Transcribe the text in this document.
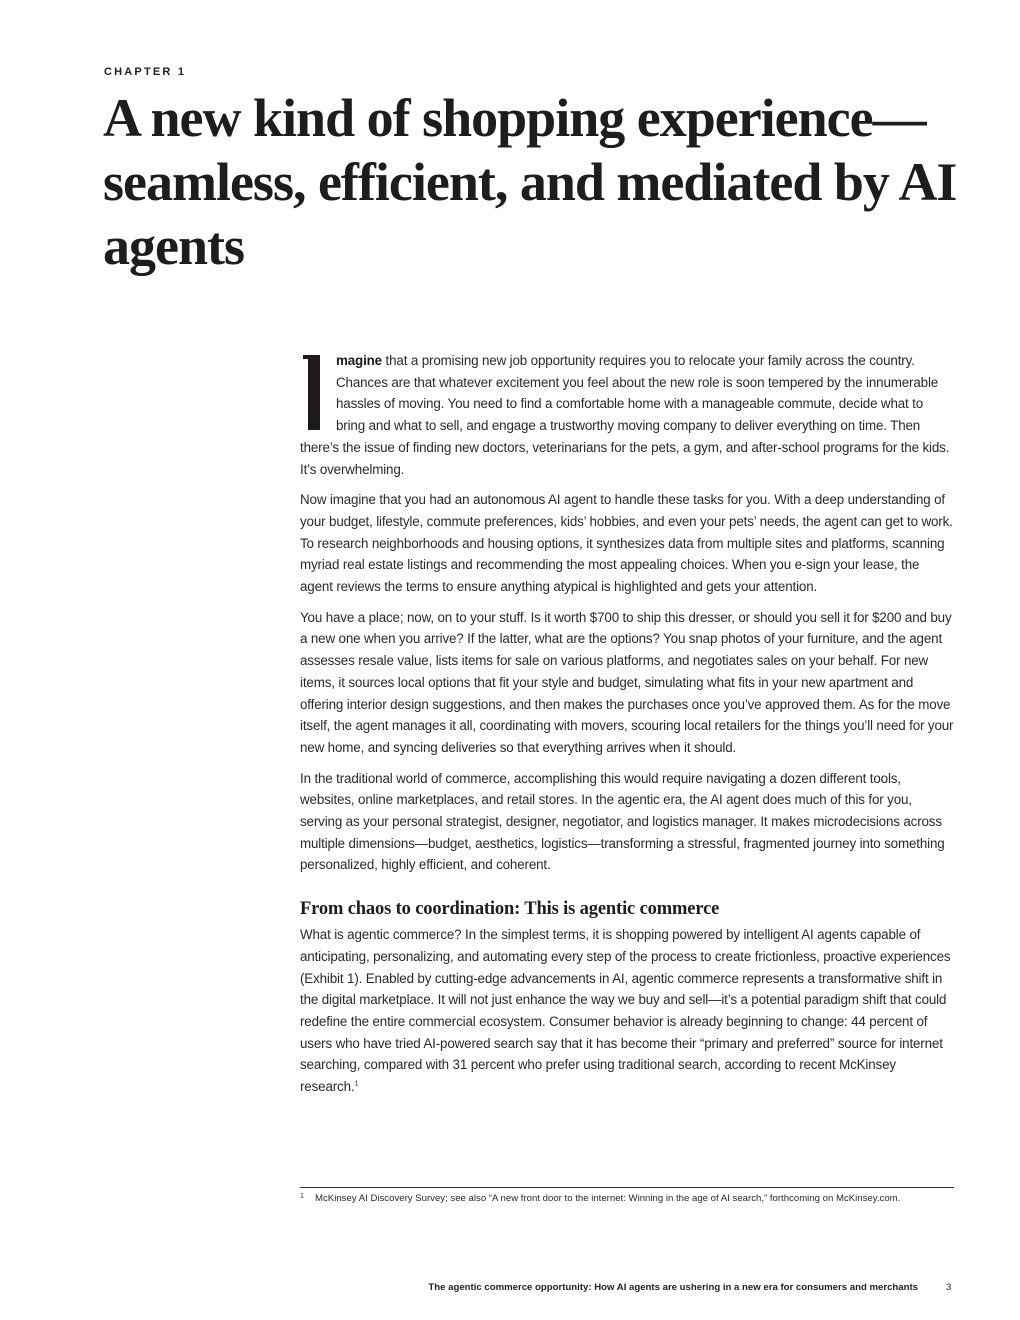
CHAPTER 1
A new kind of shopping experience—seamless, efficient, and mediated by AI agents

magine that a promising new job opportunity requires you to relocate your family across the country. Chances are that whatever excitement you feel about the new role is soon tempered by the innumerable hassles of moving. You need to find a comfortable home with a manageable commute, decide what to bring and what to sell, and engage a trustworthy moving company to deliver everything on time. Then there’s the issue of finding new doctors, veterinarians for the pets, a gym, and after-school programs for the kids. It’s overwhelming.

Now imagine that you had an autonomous AI agent to handle these tasks for you. With a deep understanding of your budget, lifestyle, commute preferences, kids’ hobbies, and even your pets’ needs, the agent can get to work. To research neighborhoods and housing options, it synthesizes data from multiple sites and platforms, scanning myriad real estate listings and recommending the most appealing choices. When you e-sign your lease, the agent reviews the terms to ensure anything atypical is highlighted and gets your attention.

You have a place; now, on to your stuff. Is it worth $700 to ship this dresser, or should you sell it for $200 and buy a new one when you arrive? If the latter, what are the options? You snap photos of your furniture, and the agent assesses resale value, lists items for sale on various platforms, and negotiates sales on your behalf. For new items, it sources local options that fit your style and budget, simulating what fits in your new apartment and offering interior design suggestions, and then makes the purchases once you’ve approved them. As for the move itself, the agent manages it all, coordinating with movers, scouring local retailers for the things you’ll need for your new home, and syncing deliveries so that everything arrives when it should.

In the traditional world of commerce, accomplishing this would require navigating a dozen different tools, websites, online marketplaces, and retail stores. In the agentic era, the AI agent does much of this for you, serving as your personal strategist, designer, negotiator, and logistics manager. It makes microdecisions across multiple dimensions—budget, aesthetics, logistics—transforming a stressful, fragmented journey into something personalized, highly efficient, and coherent.

From chaos to coordination: This is agentic commerce

What is agentic commerce? In the simplest terms, it is shopping powered by intelligent AI agents capable of anticipating, personalizing, and automating every step of the process to create frictionless, proactive experiences (Exhibit 1). Enabled by cutting-edge advancements in AI, agentic commerce represents a transformative shift in the digital marketplace. It will not just enhance the way we buy and sell—it’s a potential paradigm shift that could redefine the entire commercial ecosystem. Consumer behavior is already beginning to change: 44 percent of users who have tried AI-powered search say that it has become their “primary and preferred” source for internet searching, compared with 31 percent who prefer using traditional search, according to recent McKinsey research.$^1$

1 McKinsey AI Discovery Survey; see also “A new front door to the internet: Winning in the age of AI search,” forthcoming on McKinsey.com.
The agentic commerce opportunity: How AI agents are ushering in a new era for consumers and merchants	3
